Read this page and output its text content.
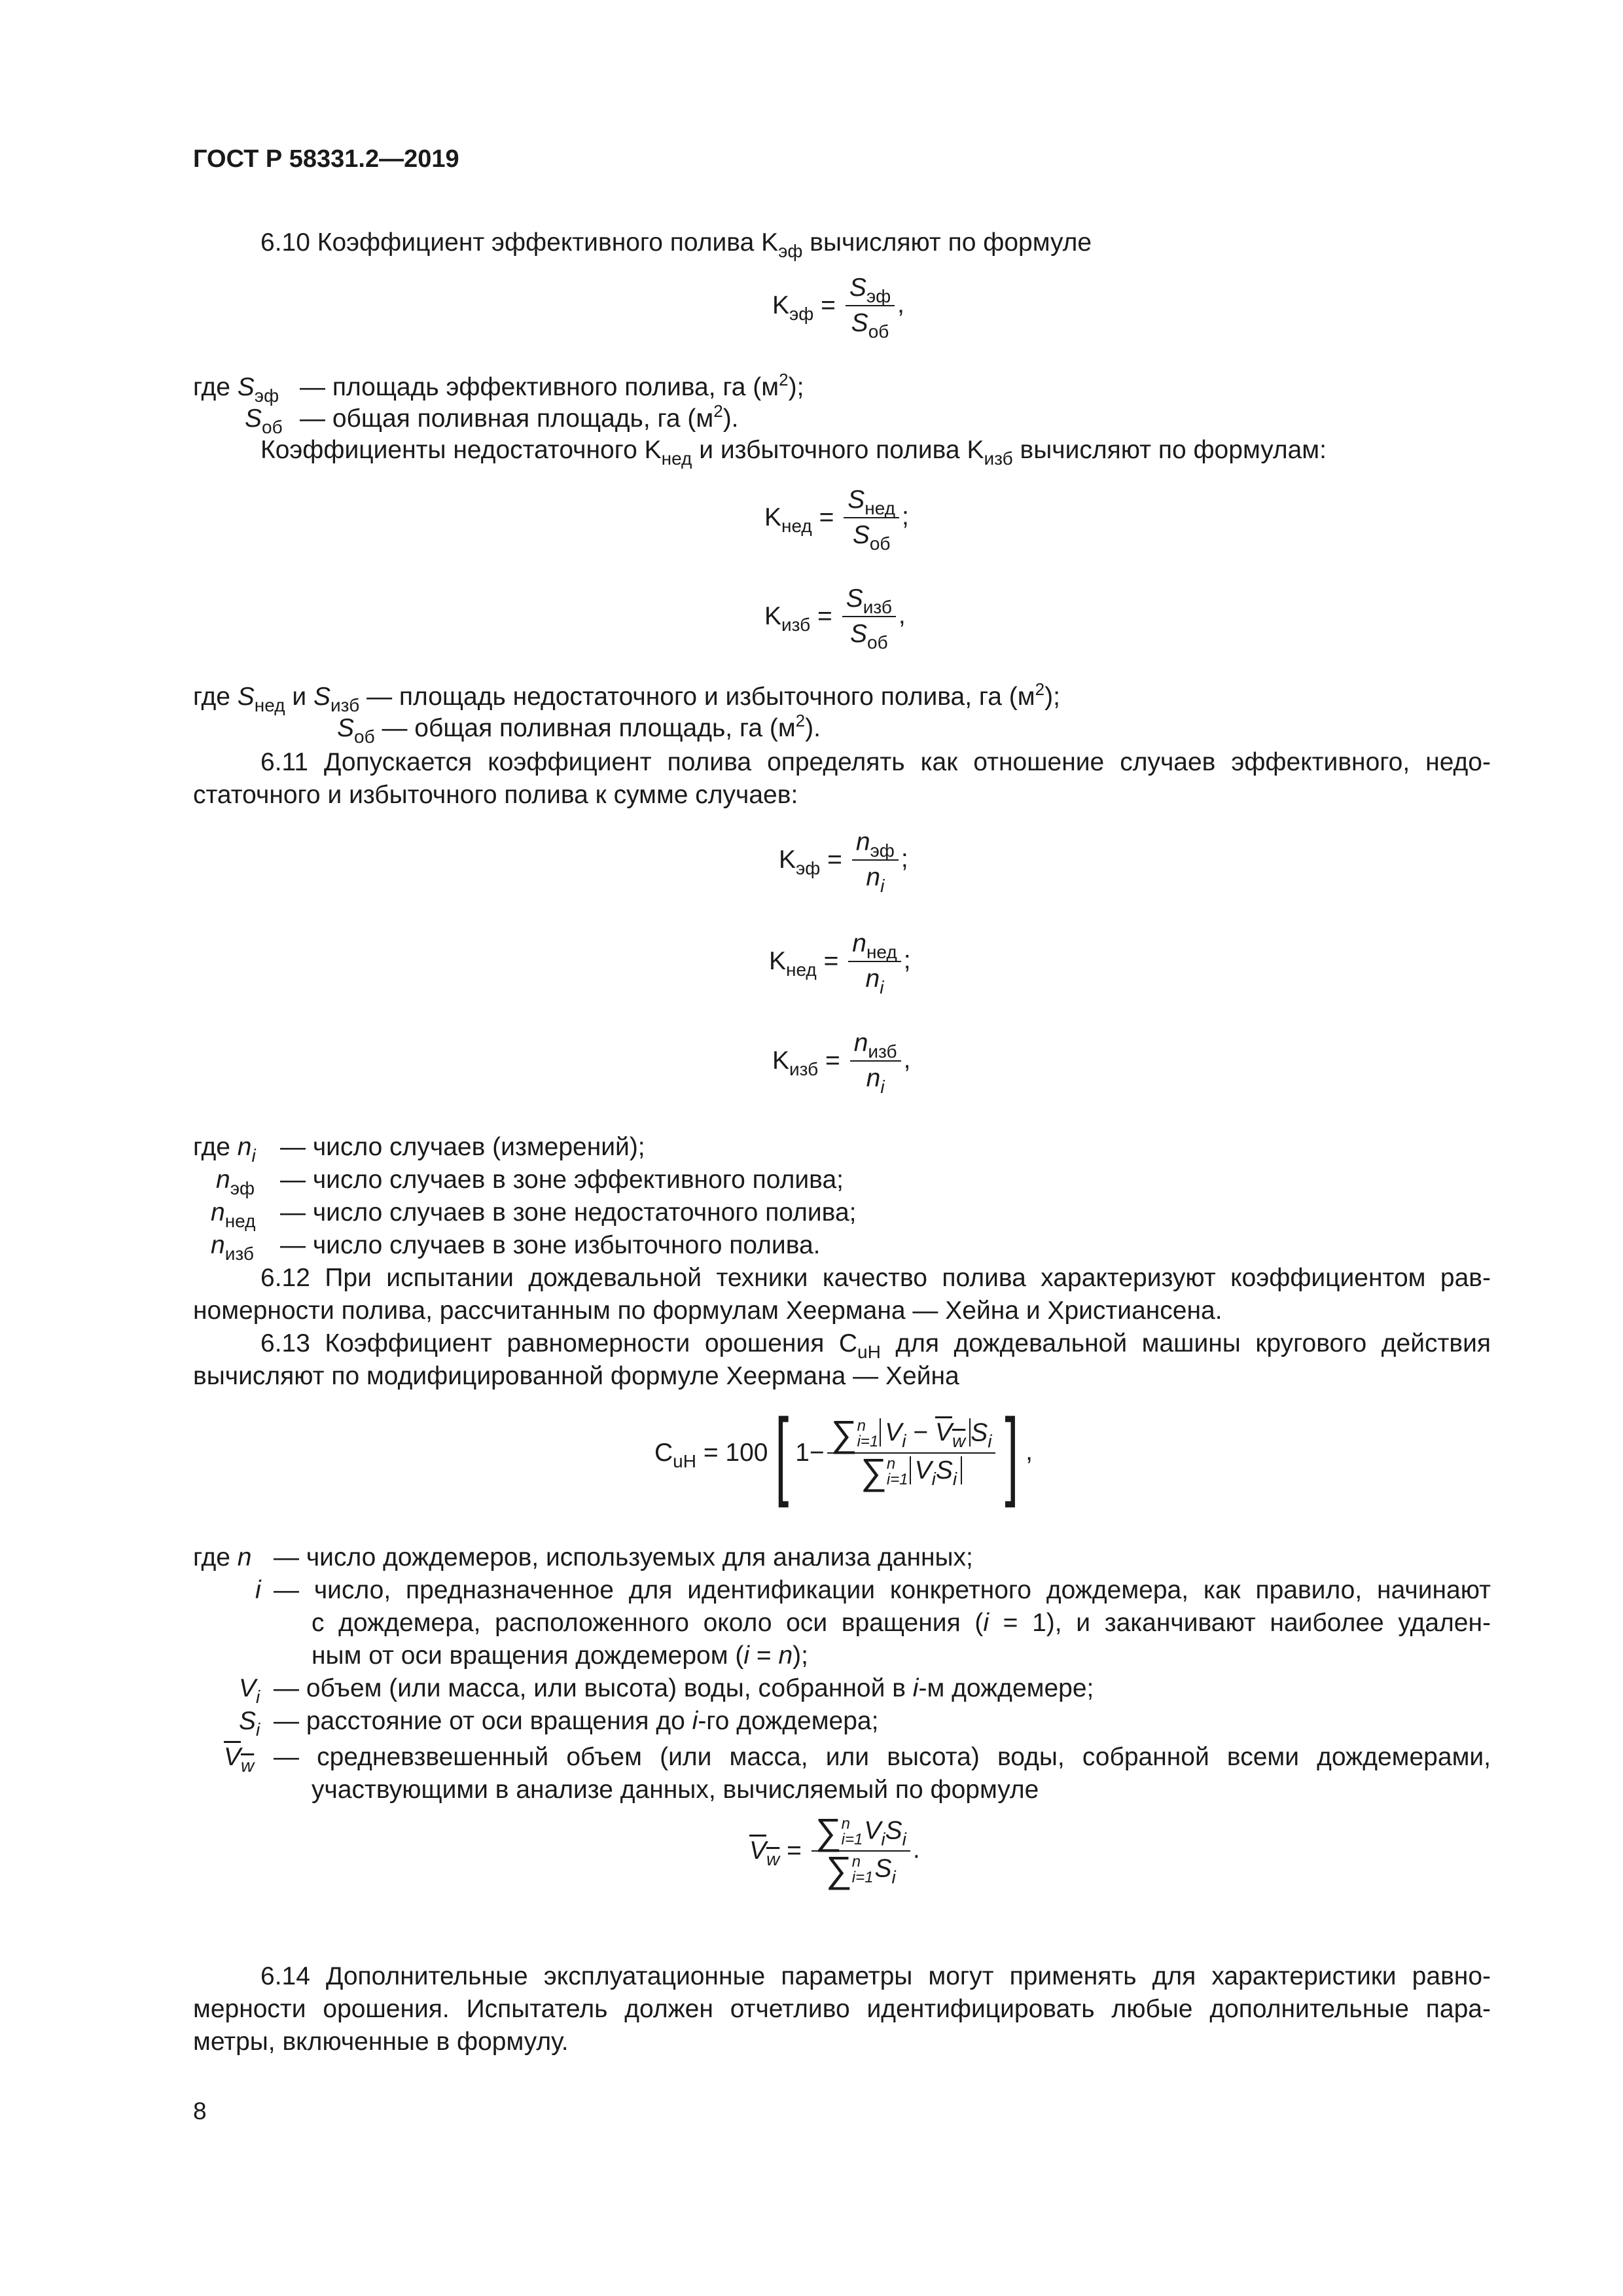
ГОСТ Р 58331.2—2019
6.10 Коэффициент эффективного полива $K_{эф}$ вычисляют по формуле
$K_{эф} = \frac{S_{эф}}{S_{об}}$ ,
где $S_{эф}$ — площадь эффективного полива, га $(м^2)$;
$S_{об}$ — общая поливная площадь, га $(м^2)$.
Коэффициенты недостаточного $K_{нед}$ и избыточного полива $K_{изб}$ вычисляют по формулам:
$K_{нед} = \frac{S_{нед}}{S_{об}}$ ;
$K_{изб} = \frac{S_{изб}}{S_{об}}$ ,
где $S_{нед}$ и $S_{изб}$ — площадь недостаточного и избыточного полива, га $(м^2)$;
$S_{об}$ — общая поливная площадь, га $(м^2)$.
6.11 Допускается коэффициент полива определять как отношение случаев эффективного, недо-
статочного и избыточного полива к сумме случаев:
$K_{эф} = \frac{n_{эф}}{n_i}$ ;
$K_{нед} = \frac{n_{нед}}{n_i}$ ;
$K_{изб} = \frac{n_{изб}}{n_i}$ ,
где $n_i$ — число случаев (измерений);
$n_{эф}$ — число случаев в зоне эффективного полива;
$n_{нед}$ — число случаев в зоне недостаточного полива;
$n_{изб}$ — число случаев в зоне избыточного полива.
6.12 При испытании дождевальной техники качество полива характеризуют коэффициентом рав-
номерности полива, рассчитанным по формулам Хеермана — Хейна и Христиансена.
6.13 Коэффициент равномерности орошения $C_{uH}$ для дождевальной машины кругового действия
вычисляют по модифицированной формуле Хеермана — Хейна
$C_{uH} = 100$[ 1− ∑n
i=1 $V_i - V_w$ $S_i$
∑n
i=1 $V_iS_i$ ] ,
где n — число дождемеров, используемых для анализа данных;
i — число, предназначенное для идентификации конкретного дождемера, как правило, начинают
с дождемера, расположенного около оси вращения (i = 1), и заканчивают наиболее удален-
ным от оси вращения дождемером (i = n);
$V_i$ — объем (или масса, или высота) воды, собранной в i-м дождемере;
$S_i$ — расстояние от оси вращения до i-го дождемера;
$V_w$ — средневзвешенный объем (или масса, или высота) воды, собранной всеми дождемерами,
участвующими в анализе данных, вычисляемый по формуле
$V_w = \sum n$
$i=1V_iS_i$
∑n
$i=1S_i$
.
6.14 Дополнительные эксплуатационные параметры могут применять для характеристики равно-
мерности орошения. Испытатель должен отчетливо идентифицировать любые дополнительные пара-
метры, включенные в формулу.
8
